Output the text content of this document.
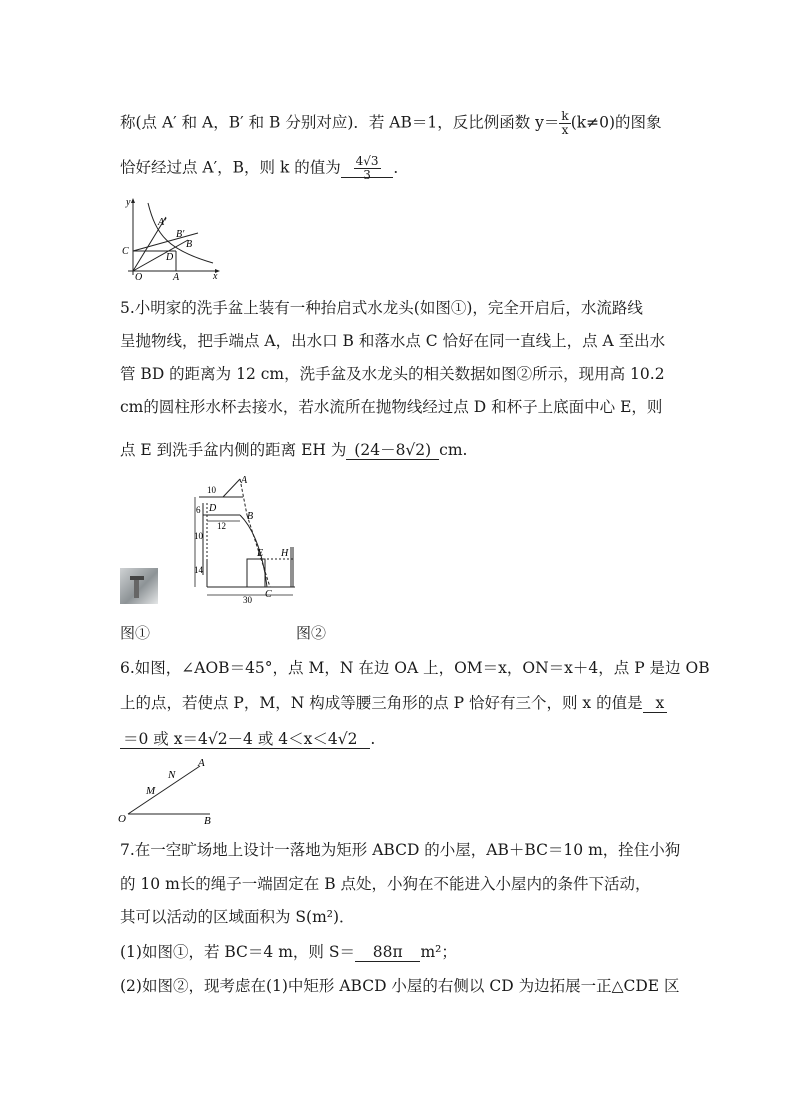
称(点 A′ 和 A，B′ 和 B 分别对应)．若 AB＝1，反比例函数 $y= \frac{k}{x} (k\ne 0)$的图象
恰好经过点 A′，B，则 k 的值为 $\frac{4√3}{3}$ ．
y
x
O	A
C
D
A′
B′
B
5.小明家的洗手盆上装有一种抬启式水龙头(如图①)，完全开启后，水流路线
呈抛物线，把手端点 A，出水口 B 和落水点 C 恰好在同一直线上，点 A 至出水
管 BD 的距离为 12 cm，洗手盆及水龙头的相关数据如图②所示，现用高 10.2
cm的圆柱形水杯去接水，若水流所在抛物线经过点 D 和杯子上底面中心 E，则
点 E 到洗手盆内侧的距离 EH 为 (24－8√2) cm.
A
B
C
D
E H
10
6
12
10
14
30
图①	图②
6.如图，∠AOB＝45°，点 M，N 在边 OA 上，OM＝x，ON＝x＋4，点 P 是边 OB
上的点，若使点 P，M，N 构成等腰三角形的点 P 恰好有三个，则 x 的值是 x
＝0 或 x＝4√2－4 或 4＜x＜4√2 .
O	B
A
M
N
7.在一空旷场地上设计一落地为矩形 ABCD 的小屋，AB＋BC＝10 m，拴住小狗
的 10 m长的绳子一端固定在 B 点处，小狗在不能进入小屋内的条件下活动，
其可以活动的区域面积为 S(m²)．
(1)如图①，若 BC＝4 m，则 S＝ 88π m²；
(2)如图②，现考虑在(1)中矩形 ABCD 小屋的右侧以 CD 为边拓展一正△CDE 区
